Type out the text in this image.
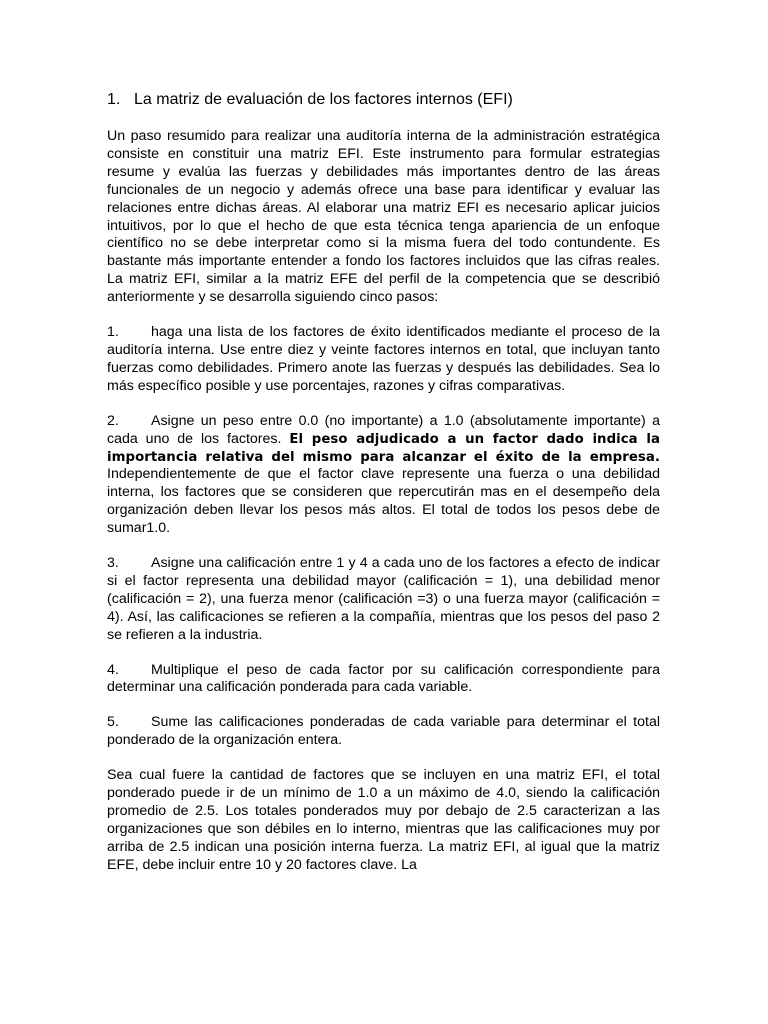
1. La matriz de evaluación de los factores internos (EFI)

Un paso resumido para realizar una auditoría interna de la administración estratégica consiste en constituir una matriz EFI. Este instrumento para formular estrategias resume y evalúa las fuerzas y debilidades más importantes dentro de las áreas funcionales de un negocio y además ofrece una base para identificar y evaluar las relaciones entre dichas áreas. Al elaborar una matriz EFI es necesario aplicar juicios intuitivos, por lo que el hecho de que esta técnica tenga apariencia de un enfoque científico no se debe interpretar como si la misma fuera del todo contundente. Es bastante más importante entender a fondo los factores incluidos que las cifras reales. La matriz EFI, similar a la matriz EFE del perfil de la competencia que se describió anteriormente y se desarrolla siguiendo cinco pasos:

1. haga una lista de los factores de éxito identificados mediante el proceso de la auditoría interna. Use entre diez y veinte factores internos en total, que incluyan tanto fuerzas como debilidades. Primero anote las fuerzas y después las debilidades. Sea lo más específico posible y use porcentajes, razones y cifras comparativas.

2. Asigne un peso entre 0.0 (no importante) a 1.0 (absolutamente importante) a cada uno de los factores. El peso adjudicado a un factor dado indica la importancia relativa del mismo para alcanzar el éxito de la empresa. Independientemente de que el factor clave represente una fuerza o una debilidad interna, los factores que se consideren que repercutirán mas en el desempeño dela organización deben llevar los pesos más altos. El total de todos los pesos debe de sumar1.0.

3. Asigne una calificación entre 1 y 4 a cada uno de los factores a efecto de indicar si el factor representa una debilidad mayor (calificación = 1), una debilidad menor (calificación = 2), una fuerza menor (calificación =3) o una fuerza mayor (calificación = 4). Así, las calificaciones se refieren a la compañía, mientras que los pesos del paso 2 se refieren a la industria.

4. Multiplique el peso de cada factor por su calificación correspondiente para determinar una calificación ponderada para cada variable.

5. Sume las calificaciones ponderadas de cada variable para determinar el total ponderado de la organización entera.

Sea cual fuere la cantidad de factores que se incluyen en una matriz EFI, el total ponderado puede ir de un mínimo de 1.0 a un máximo de 4.0, siendo la calificación promedio de 2.5. Los totales ponderados muy por debajo de 2.5 caracterizan a las organizaciones que son débiles en lo interno, mientras que las calificaciones muy por arriba de 2.5 indican una posición interna fuerza. La matriz EFI, al igual que la matriz EFE, debe incluir entre 10 y 20 factores clave. La
